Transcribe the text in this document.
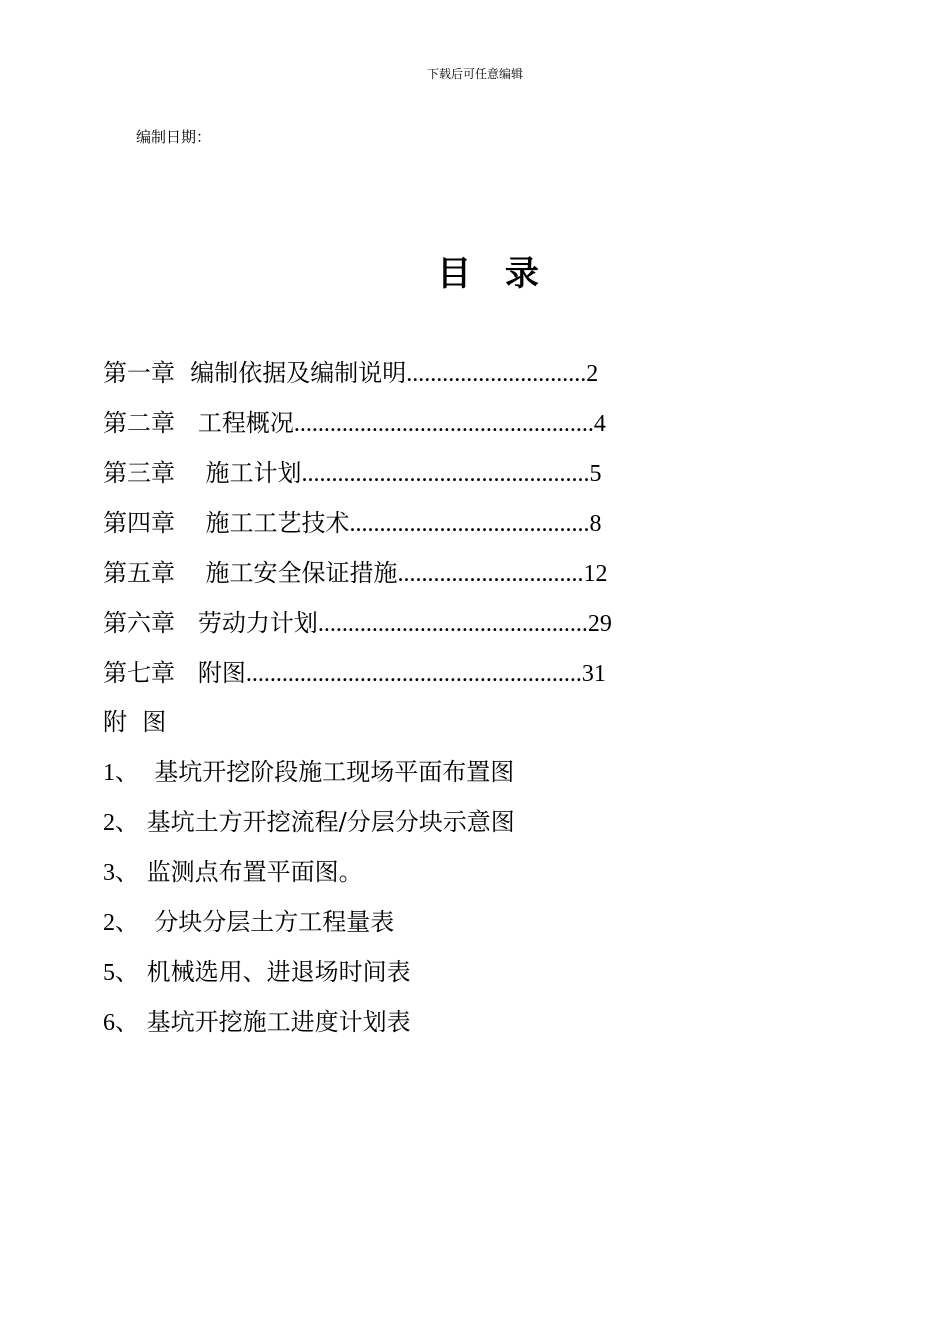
下载后可任意编辑
编制日期：
目 录
第一章 编制依据及编制说明..............................2
第二章 工程概况..................................................4
第三章 施工计划................................................5
第四章 施工工艺技术........................................8
第五章 施工安全保证措施...............................12
第六章 劳动力计划.............................................29
第七章 附图........................................................31
附  图
1、 基坑开挖阶段施工现场平面布置图
2、 基坑土方开挖流程/分层分块示意图
3、 监测点布置平面图。
2、 分块分层土方工程量表
5、 机械选用、进退场时间表
6、 基坑开挖施工进度计划表
